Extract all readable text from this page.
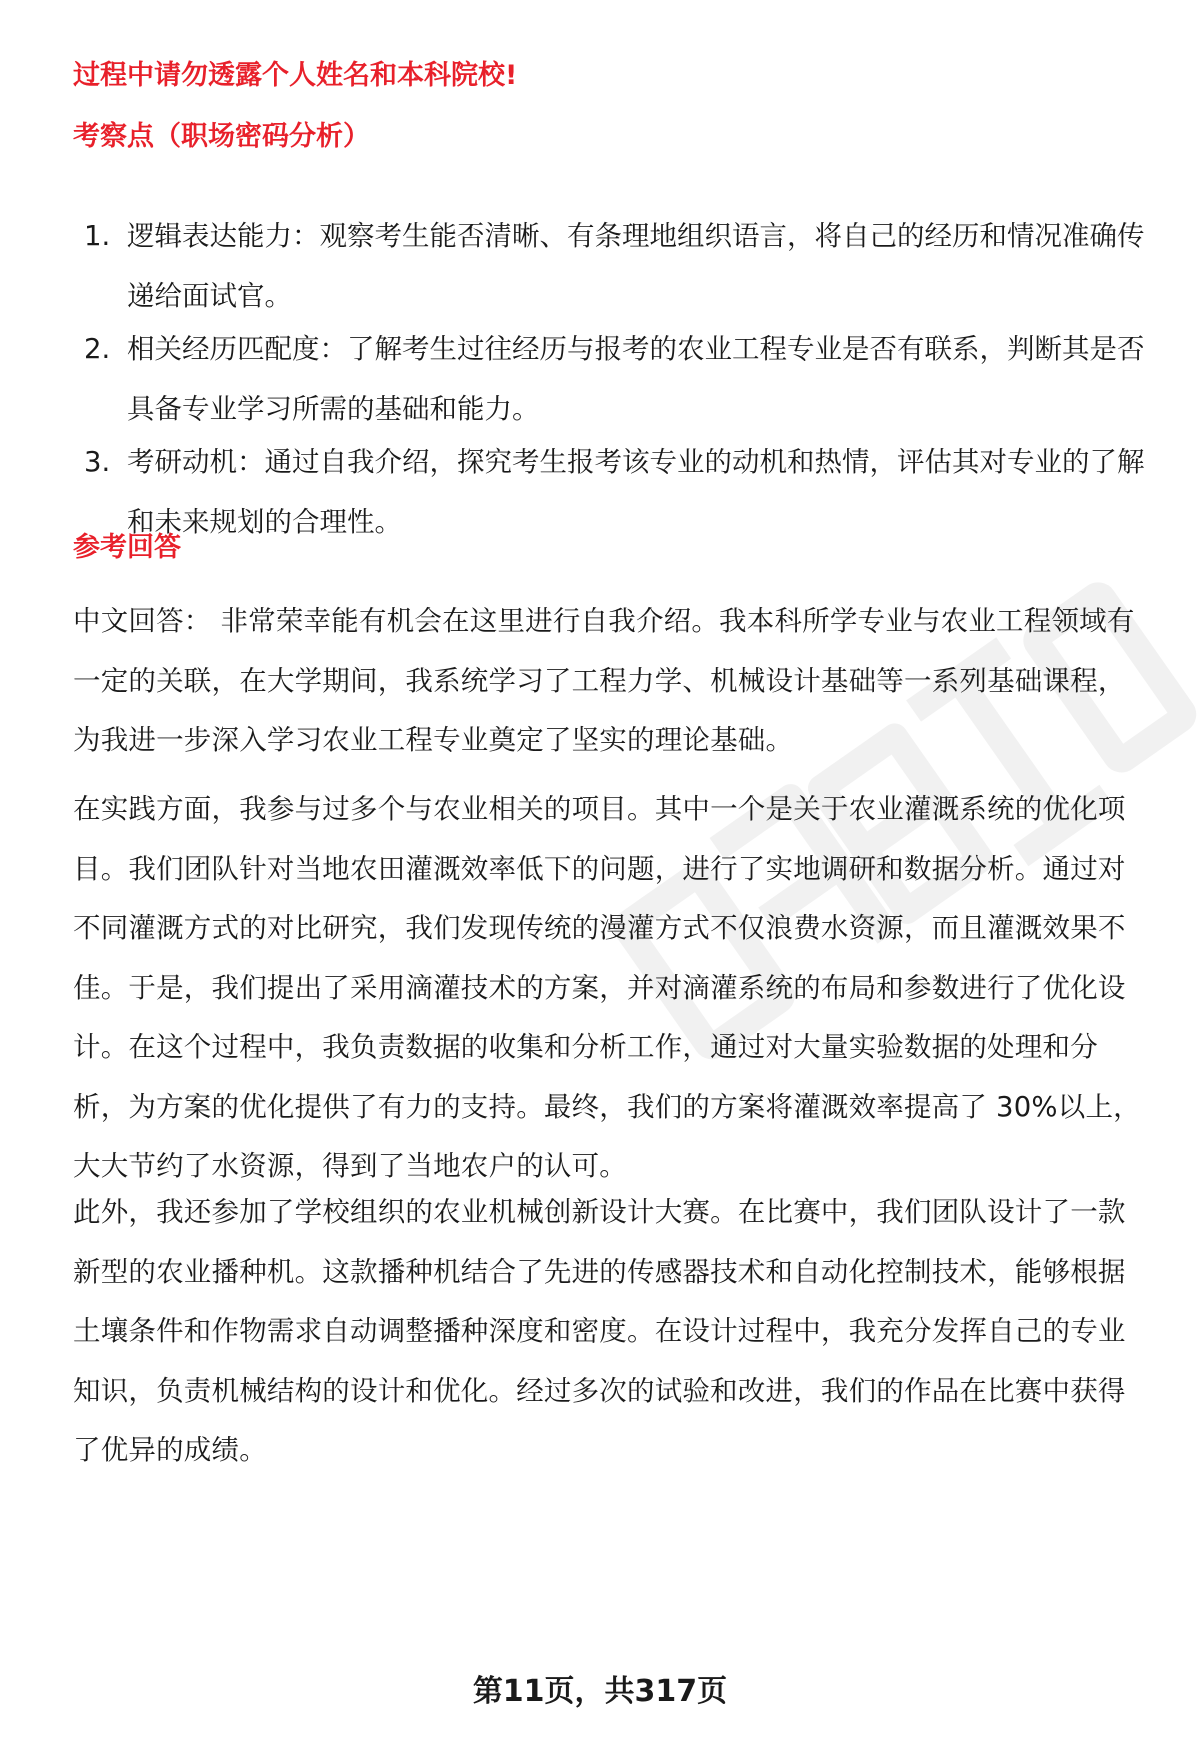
过程中请勿透露个人姓名和本科院校!

考察点（职场密码分析）

1. 逻辑表达能力：观察考生能否清晰、有条理地组织语言，将自己的经历和情况准确传递给面试官。
2. 相关经历匹配度：了解考生过往经历与报考的农业工程专业是否有联系，判断其是否具备专业学习所需的基础和能力。
3. 考研动机：通过自我介绍，探究考生报考该专业的动机和热情，评估其对专业的了解和未来规划的合理性。

参考回答

中文回答： 非常荣幸能有机会在这里进行自我介绍。我本科所学专业与农业工程领域有一定的关联，在大学期间，我系统学习了工程力学、机械设计基础等一系列基础课程，为我进一步深入学习农业工程专业奠定了坚实的理论基础。

在实践方面，我参与过多个与农业相关的项目。其中一个是关于农业灌溉系统的优化项目。我们团队针对当地农田灌溉效率低下的问题，进行了实地调研和数据分析。通过对不同灌溉方式的对比研究，我们发现传统的漫灌方式不仅浪费水资源，而且灌溉效果不佳。于是，我们提出了采用滴灌技术的方案，并对滴灌系统的布局和参数进行了优化设计。在这个过程中，我负责数据的收集和分析工作，通过对大量实验数据的处理和分析，为方案的优化提供了有力的支持。最终，我们的方案将灌溉效率提高了 30%以上，大大节约了水资源，得到了当地农户的认可。

此外，我还参加了学校组织的农业机械创新设计大赛。在比赛中，我们团队设计了一款新型的农业播种机。这款播种机结合了先进的传感器技术和自动化控制技术，能够根据土壤条件和作物需求自动调整播种深度和密度。在设计过程中，我充分发挥自己的专业知识，负责机械结构的设计和优化。经过多次的试验和改进，我们的作品在比赛中获得了优异的成绩。

第11页，共317页
